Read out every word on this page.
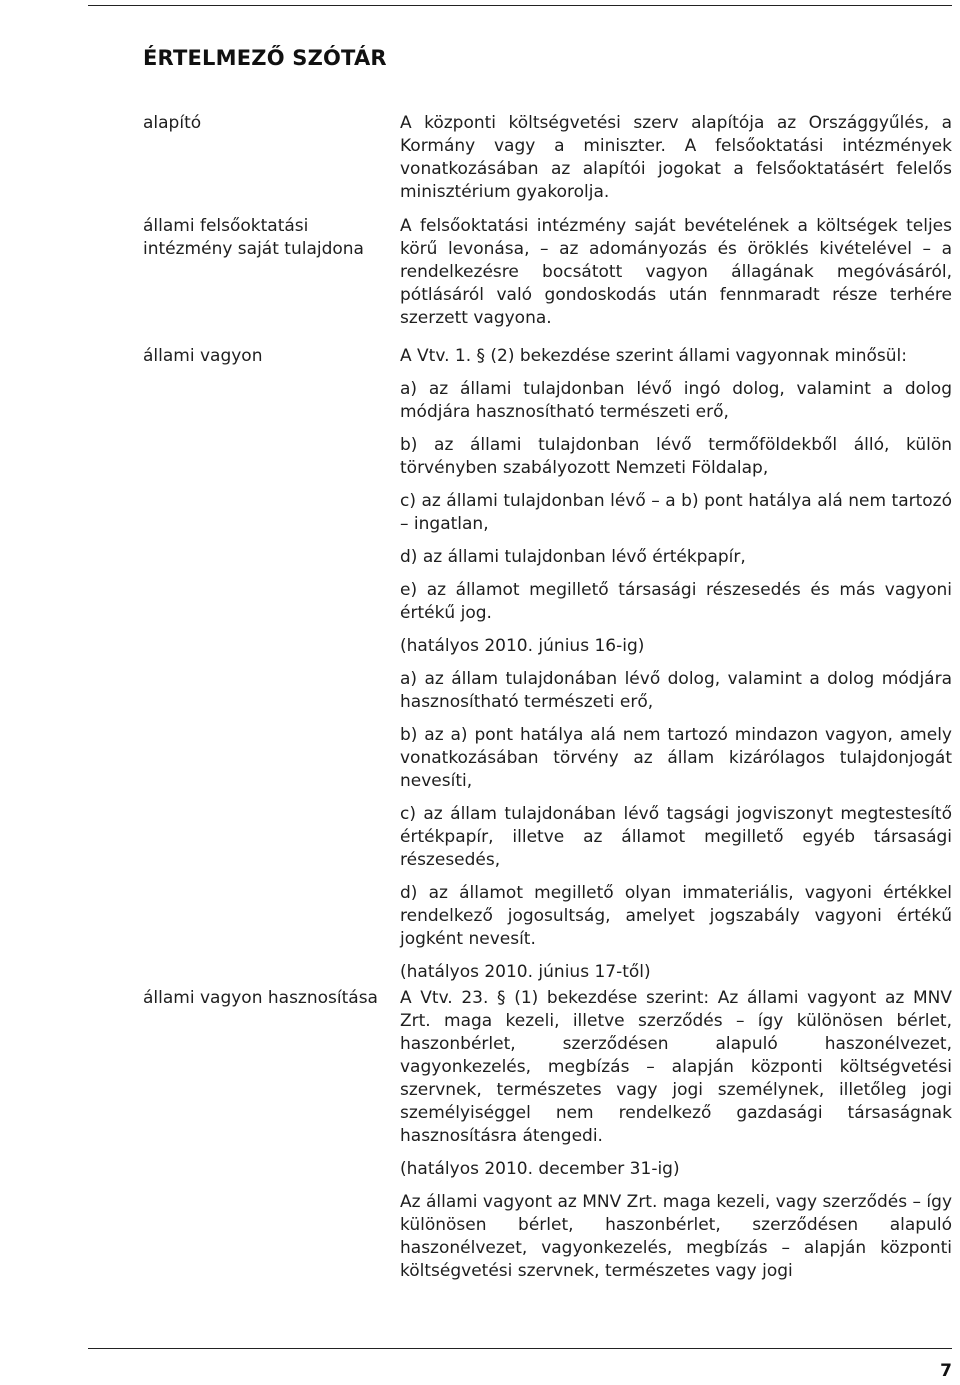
ÉRTELMEZŐ SZÓTÁR
alapító	A központi költségvetési szerv alapítója az Országgyűlés, a Kormány vagy a miniszter. A felsőoktatási intézmények vonatkozásában az alapítói jogokat a felsőoktatásért felelős minisztérium gyakorolja.

állami felsőoktatási intézmény saját tulajdona

A felsőoktatási intézmény saját bevételének a költségek teljes körű levonása, – az adományozás és öröklés kivételével – a rendelkezésre bocsátott vagyon állagának megóvásáról, pótlásáról való gondoskodás után fennmaradt része terhére szerzett vagyona.

állami vagyon	A Vtv. 1. § (2) bekezdése szerint állami vagyonnak minősül:

a) az állami tulajdonban lévő ingó dolog, valamint a dolog módjára hasznosítható természeti erő,

b) az állami tulajdonban lévő termőföldekből álló, külön törvényben szabályozott Nemzeti Földalap,

c) az állami tulajdonban lévő – a b) pont hatálya alá nem tartozó – ingatlan,

d) az állami tulajdonban lévő értékpapír,

e) az államot megillető társasági részesedés és más vagyoni értékű jog.

(hatályos 2010. június 16-ig)

a) az állam tulajdonában lévő dolog, valamint a dolog módjára hasznosítható természeti erő,

b) az a) pont hatálya alá nem tartozó mindazon vagyon, amely vonatkozásában törvény az állam kizárólagos tulajdonjogát nevesíti,

c) az állam tulajdonában lévő tagsági jogviszonyt megtestesítő értékpapír, illetve az államot megillető egyéb társasági részesedés,

d) az államot megillető olyan immateriális, vagyoni értékkel rendelkező jogosultság, amelyet jogszabály vagyoni értékű jogként nevesít.

(hatályos 2010. június 17-től)

állami vagyon hasznosítása A Vtv. 23. § (1) bekezdése szerint: Az állami vagyont az MNV Zrt. maga kezeli, illetve szerződés – így különösen bérlet, haszonbérlet, szerződésen alapuló haszonélvezet, vagyonkezelés, megbízás – alapján központi költségvetési szervnek, természetes vagy jogi személynek, illetőleg jogi személyiséggel nem rendelkező gazdasági társaságnak hasznosításra átengedi.

(hatályos 2010. december 31-ig)

Az állami vagyont az MNV Zrt. maga kezeli, vagy szerződés – így különösen bérlet, haszonbérlet, szerződésen alapuló haszonélvezet, vagyonkezelés, megbízás – alapján központi költségvetési szervnek, természetes vagy jogi

7
